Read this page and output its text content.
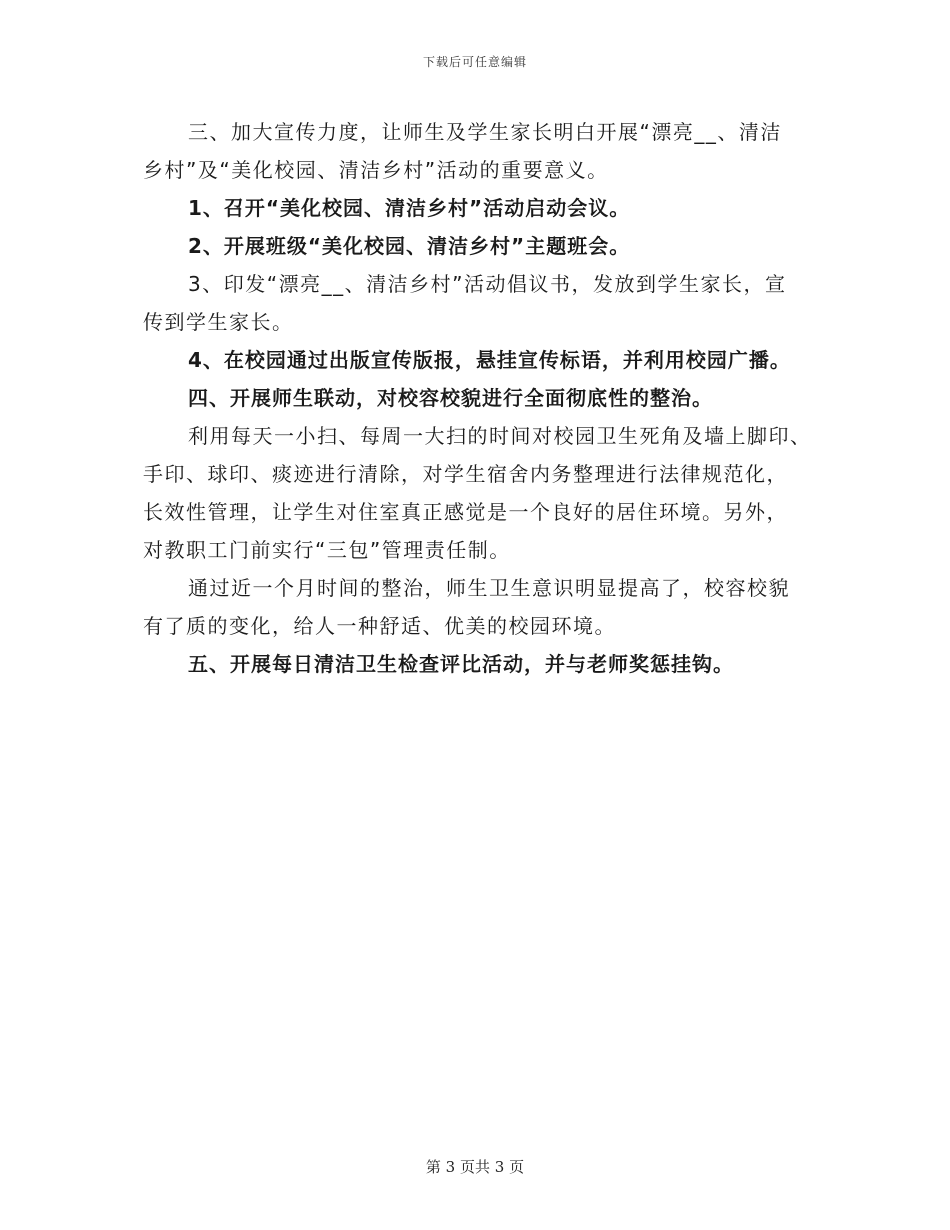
下载后可任意编辑

三、加大宣传力度，让师生及学生家长明白开展“漂亮__、清洁
乡村”及“美化校园、清洁乡村”活动的重要意义。

1、召开“美化校园、清洁乡村”活动启动会议。

2、开展班级“美化校园、清洁乡村”主题班会。

3、印发“漂亮__、清洁乡村”活动倡议书，发放到学生家长，宣
传到学生家长。

4、在校园通过出版宣传版报，悬挂宣传标语，并利用校园广播。

四、开展师生联动，对校容校貌进行全面彻底性的整治。

利用每天一小扫、每周一大扫的时间对校园卫生死角及墙上脚印、
手印、球印、痰迹进行清除，对学生宿舍内务整理进行法律规范化，
长效性管理，让学生对住室真正感觉是一个良好的居住环境。另外，
对教职工门前实行“三包”管理责任制。

通过近一个月时间的整治，师生卫生意识明显提高了，校容校貌
有了质的变化，给人一种舒适、优美的校园环境。

五、开展每日清洁卫生检查评比活动，并与老师奖惩挂钩。

第 3 页共 3 页
